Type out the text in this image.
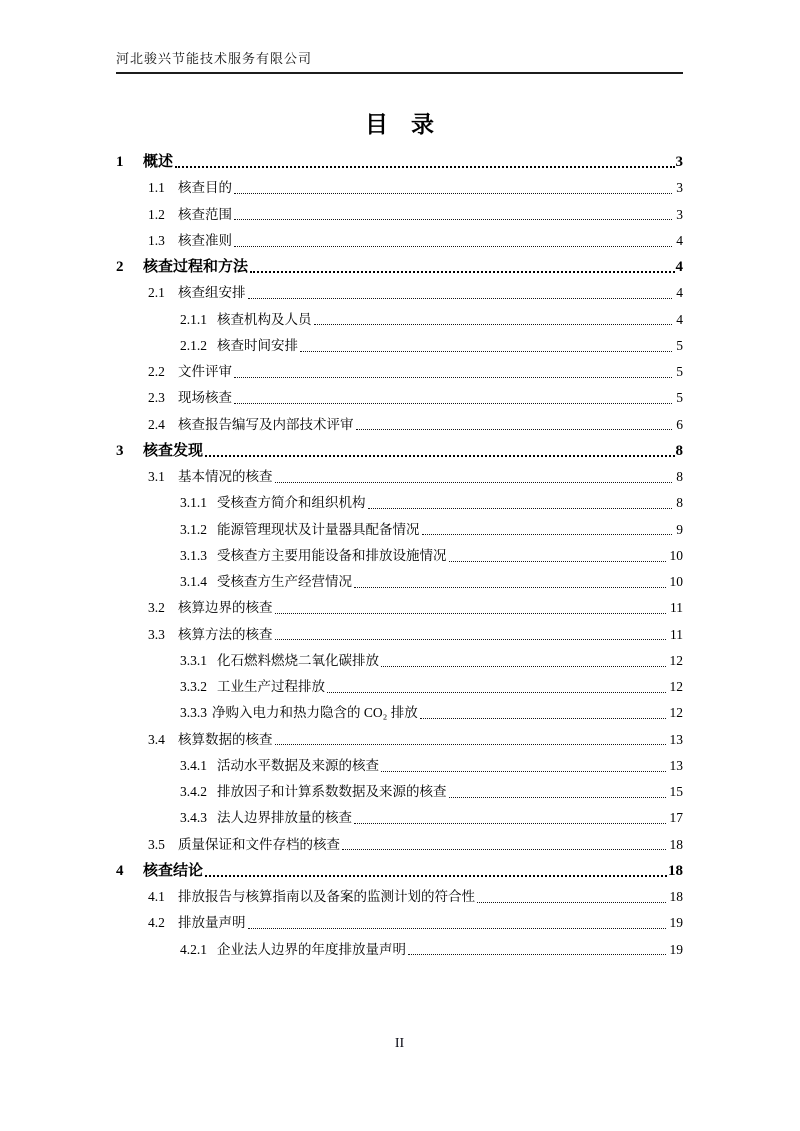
河北骏兴节能技术服务有限公司
目　录
1	概述	3
1.1 核查目的	3
1.2 核查范围	3
1.3 核查准则	4
2	核查过程和方法	4
2.1 核查组安排	4
2.1.1 核查机构及人员	4
2.1.2 核查时间安排	5
2.2 文件评审	5
2.3 现场核查	5
2.4 核查报告编写及内部技术评审	6
3	核查发现	8
3.1 基本情况的核查	8
3.1.1 受核查方简介和组织机构	8
3.1.2 能源管理现状及计量器具配备情况	9
3.1.3 受核查方主要用能设备和排放设施情况	10
3.1.4 受核查方生产经营情况	10
3.2 核算边界的核查	11
3.3 核算方法的核查	11
3.3.1 化石燃料燃烧二氧化碳排放	12
3.3.2 工业生产过程排放	12
3.3.3 净购入电力和热力隐含的 CO₂ 排放	12
3.4 核算数据的核查	13
3.4.1 活动水平数据及来源的核查	13
3.4.2 排放因子和计算系数数据及来源的核查	15
3.4.3 法人边界排放量的核查	17
3.5 质量保证和文件存档的核查	18
4	核查结论	18
4.1 排放报告与核算指南以及备案的监测计划的符合性	18
4.2 排放量声明	19
4.2.1 企业法人边界的年度排放量声明	19
II
